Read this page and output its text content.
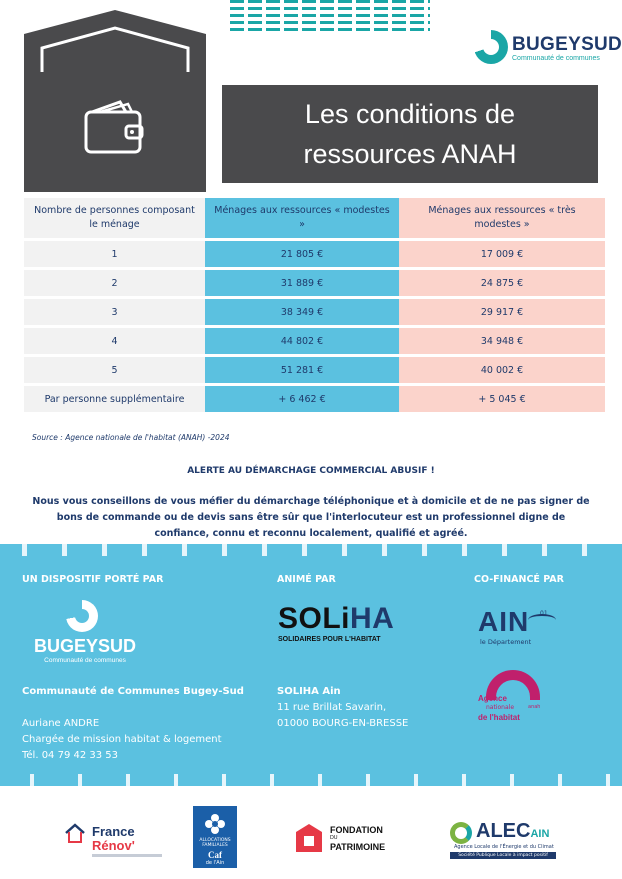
BUGEYSUD
Communauté de communes
Les conditions de
ressources ANAH
Nombre de personnes composant le ménage	Ménages aux ressources « modestes »	Ménages aux ressources « très modestes »
1	21 805 €	17 009 €
2	31 889 €	24 875 €
3	38 349 €	29 917 €
4	44 802 €	34 948 €
5	51 281 €	40 002 €
Par personne supplémentaire	+ 6 462 €	+ 5 045 €
Source : Agence nationale de l'habitat (ANAH) -2024
ALERTE AU DÉMARCHAGE COMMERCIAL ABUSIF !
Nous vous conseillons de vous méfier du démarchage téléphonique et à domicile et de ne pas signer de bons de commande ou de devis sans être sûr que l'interlocuteur est un professionnel digne de confiance, connu et reconnu localement, qualifié et agréé.
UN DISPOSITIF PORTÉ PAR	ANIMÉ PAR	CO-FINANCÉ PAR
BUGEYSUD
Communauté de communes
SOLiHA
SOLIDAIRES POUR L'HABITAT
01
AIN
le Département
Agence
nationale
de l'habitat
anah
Communauté de Communes Bugey-Sud
Auriane ANDRE
Chargée de mission habitat & logement
Tél. 04 79 42 33 53
SOLIHA Ain
11 rue Brillat Savarin,
01000 BOURG-EN-BRESSE
France
Rénov'	ALLOCATIONS FAMILIALES
Caf
de l'Ain
FONDATION
DU
PATRIMOINE
ALECAIN
Agence Locale de l'Énergie et du Climat
Société Publique Locale à impact positif
